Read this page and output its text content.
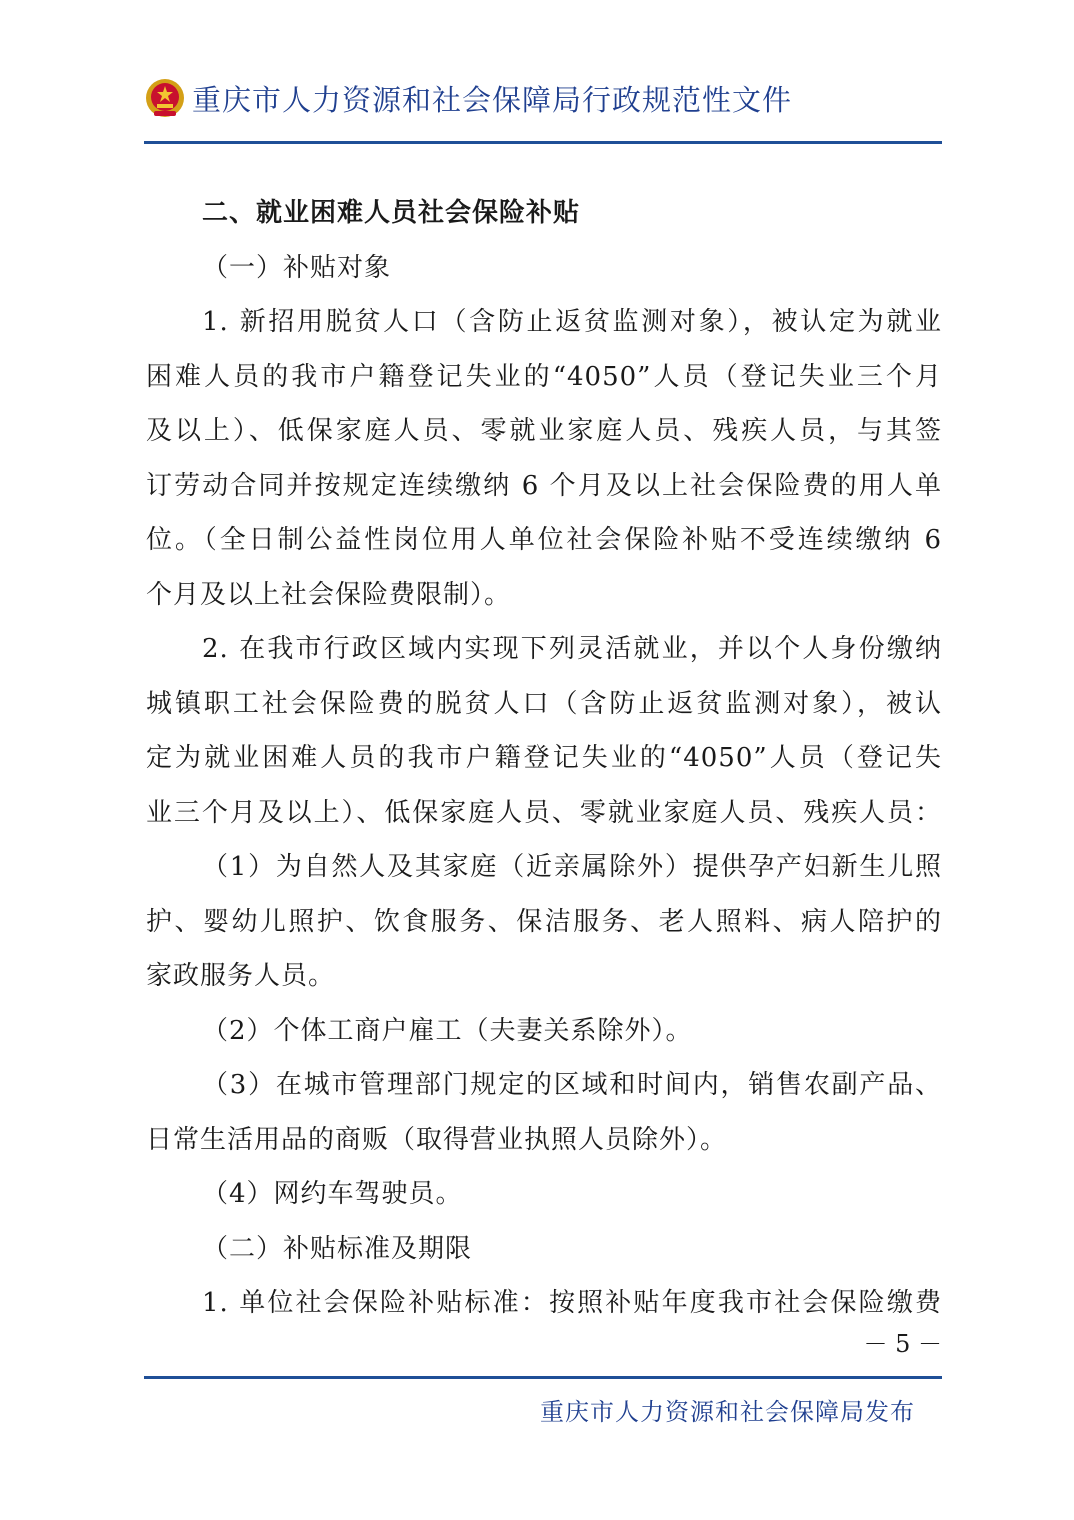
重庆市人力资源和社会保障局行政规范性文件
二、就业困难人员社会保险补贴
（一）补贴对象
1. 新招用脱贫人口（含防止返贫监测对象），被认定为就业
困难人员的我市户籍登记失业的“4050”人员（登记失业三个月
及以上）、低保家庭人员、零就业家庭人员、残疾人员，与其签
订劳动合同并按规定连续缴纳 6 个月及以上社会保险费的用人单
位。（全日制公益性岗位用人单位社会保险补贴不受连续缴纳 6
个月及以上社会保险费限制）。
2. 在我市行政区域内实现下列灵活就业，并以个人身份缴纳
城镇职工社会保险费的脱贫人口（含防止返贫监测对象），被认
定为就业困难人员的我市户籍登记失业的“4050”人员（登记失
业三个月及以上）、低保家庭人员、零就业家庭人员、残疾人员：
（1）为自然人及其家庭（近亲属除外）提供孕产妇新生儿照
护、婴幼儿照护、饮食服务、保洁服务、老人照料、病人陪护的
家政服务人员。
（2）个体工商户雇工（夫妻关系除外）。
（3）在城市管理部门规定的区域和时间内，销售农副产品、
日常生活用品的商贩（取得营业执照人员除外）。
（4）网约车驾驶员。
（二）补贴标准及期限
1. 单位社会保险补贴标准：按照补贴年度我市社会保险缴费
－ 5 －
重庆市人力资源和社会保障局发布
